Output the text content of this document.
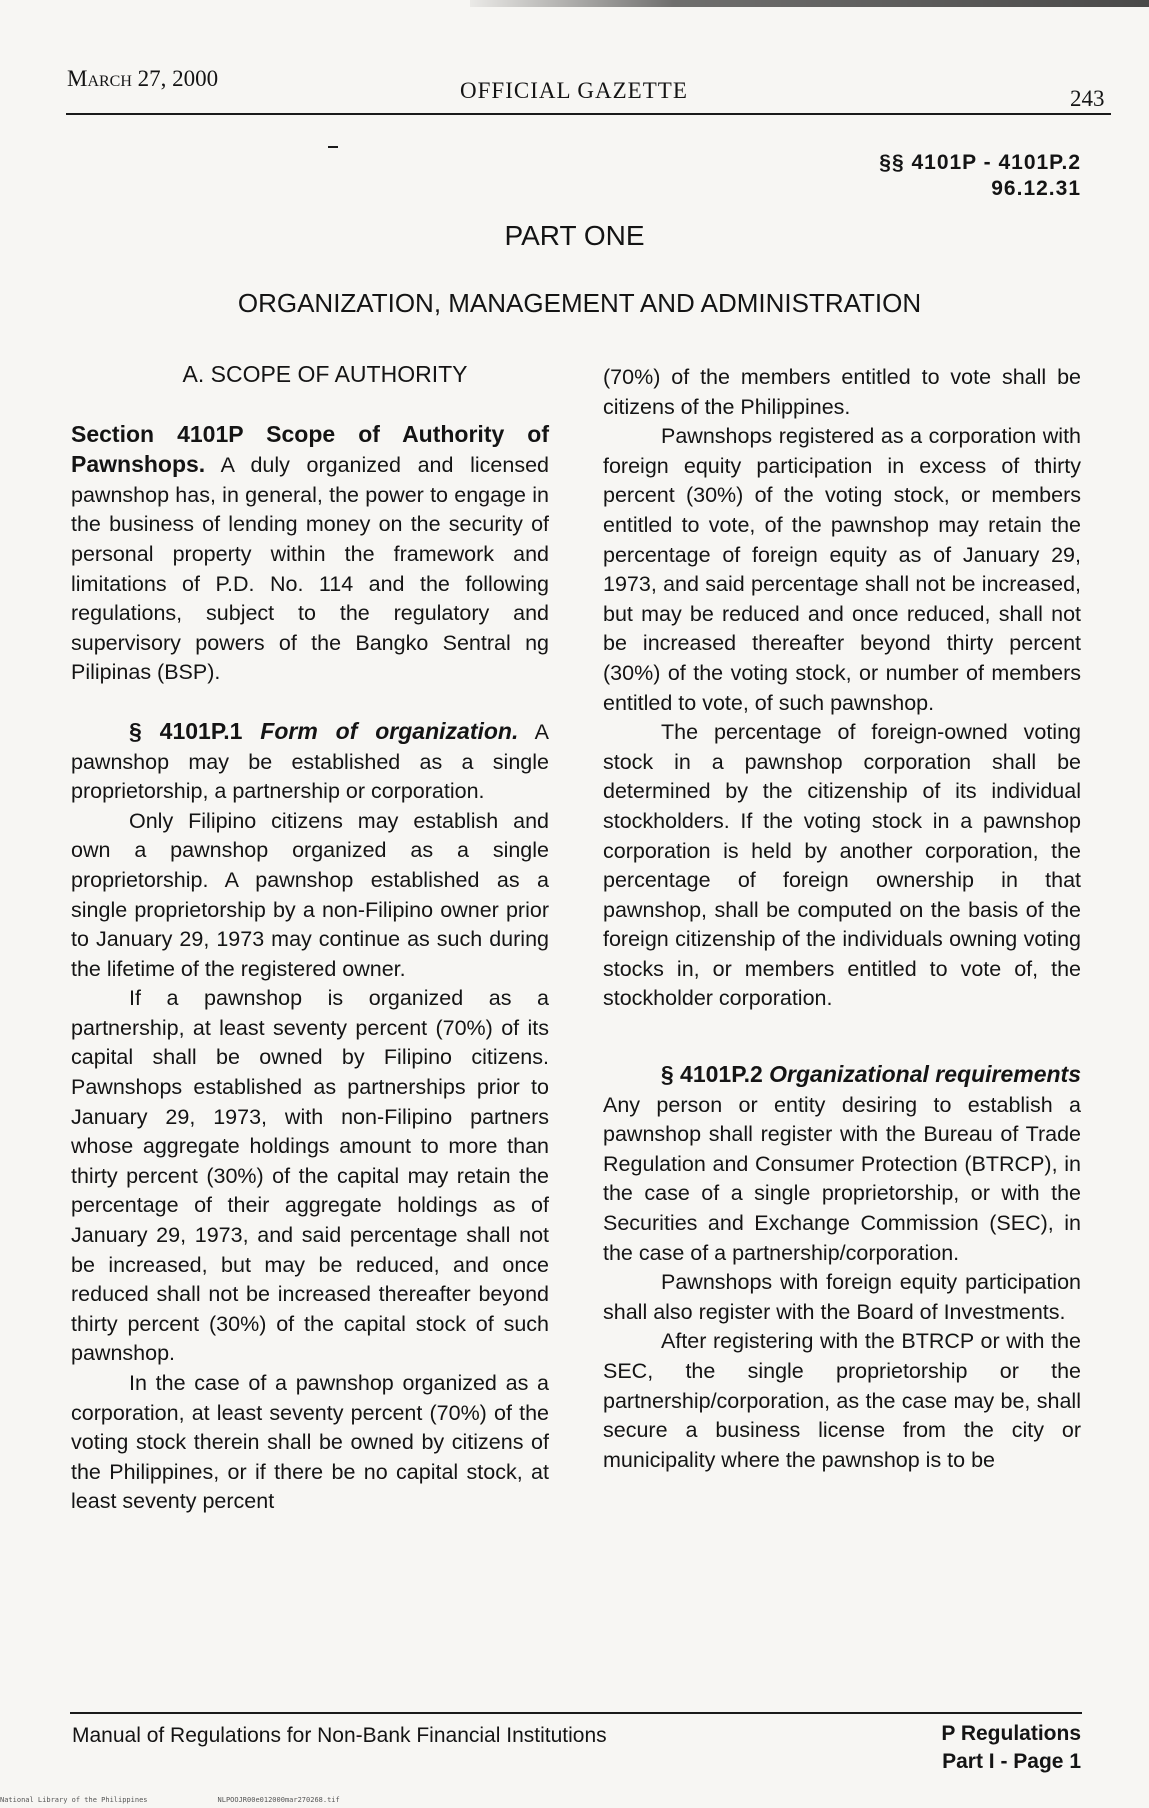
March 27, 2000	OFFICIAL GAZETTE	243
§§ 4101P - 4101P.2
96.12.31
PART ONE
ORGANIZATION, MANAGEMENT AND ADMINISTRATION

A. SCOPE OF AUTHORITY

Section 4101P Scope of Authority of Pawnshops. A duly organized and licensed pawnshop has, in general, the power to engage in the business of lending money on the security of personal property within the framework and limitations of P.D. No. 114 and the following regulations, subject to the regulatory and supervisory powers of the Bangko Sentral ng Pilipinas (BSP).

§ 4101P.1 Form of organization. A pawnshop may be established as a single proprietorship, a partnership or corporation.

Only Filipino citizens may establish and own a pawnshop organized as a single proprietorship. A pawnshop established as a single proprietorship by a non-Filipino owner prior to January 29, 1973 may continue as such during the lifetime of the registered owner.

If a pawnshop is organized as a partnership, at least seventy percent (70%) of its capital shall be owned by Filipino citizens. Pawnshops established as partnerships prior to January 29, 1973, with non-Filipino partners whose aggregate holdings amount to more than thirty percent (30%) of the capital may retain the percentage of their aggregate holdings as of January 29, 1973, and said percentage shall not be increased, but may be reduced, and once reduced shall not be increased thereafter beyond thirty percent (30%) of the capital stock of such pawnshop.

In the case of a pawnshop organized as a corporation, at least seventy percent (70%) of the voting stock therein shall be owned by citizens of the Philippines, or if there be no capital stock, at least seventy percent

(70%) of the members entitled to vote shall be citizens of the Philippines.

Pawnshops registered as a corporation with foreign equity participation in excess of thirty percent (30%) of the voting stock, or members entitled to vote, of the pawnshop may retain the percentage of foreign equity as of January 29, 1973, and said percentage shall not be increased, but may be reduced and once reduced, shall not be increased thereafter beyond thirty percent (30%) of the voting stock, or number of members entitled to vote, of such pawnshop.

The percentage of foreign-owned voting stock in a pawnshop corporation shall be determined by the citizenship of its individual stockholders. If the voting stock in a pawnshop corporation is held by another corporation, the percentage of foreign ownership in that pawnshop, shall be computed on the basis of the foreign citizenship of the individuals owning voting stocks in, or members entitled to vote of, the stockholder corporation.

§ 4101P.2 Organizational requirements

Any person or entity desiring to establish a pawnshop shall register with the Bureau of Trade Regulation and Consumer Protection (BTRCP), in the case of a single proprietorship, or with the Securities and Exchange Commission (SEC), in the case of a partnership/corporation.

Pawnshops with foreign equity participation shall also register with the Board of Investments.

After registering with the BTRCP or with the SEC, the single proprietorship or the partnership/corporation, as the case may be, shall secure a business license from the city or municipality where the pawnshop is to be

Manual of Regulations for Non-Bank Financial Institutions	P Regulations
Part I - Page 1
National Library of the Philippines	NLPOOJR00e012000mar270268.tif
